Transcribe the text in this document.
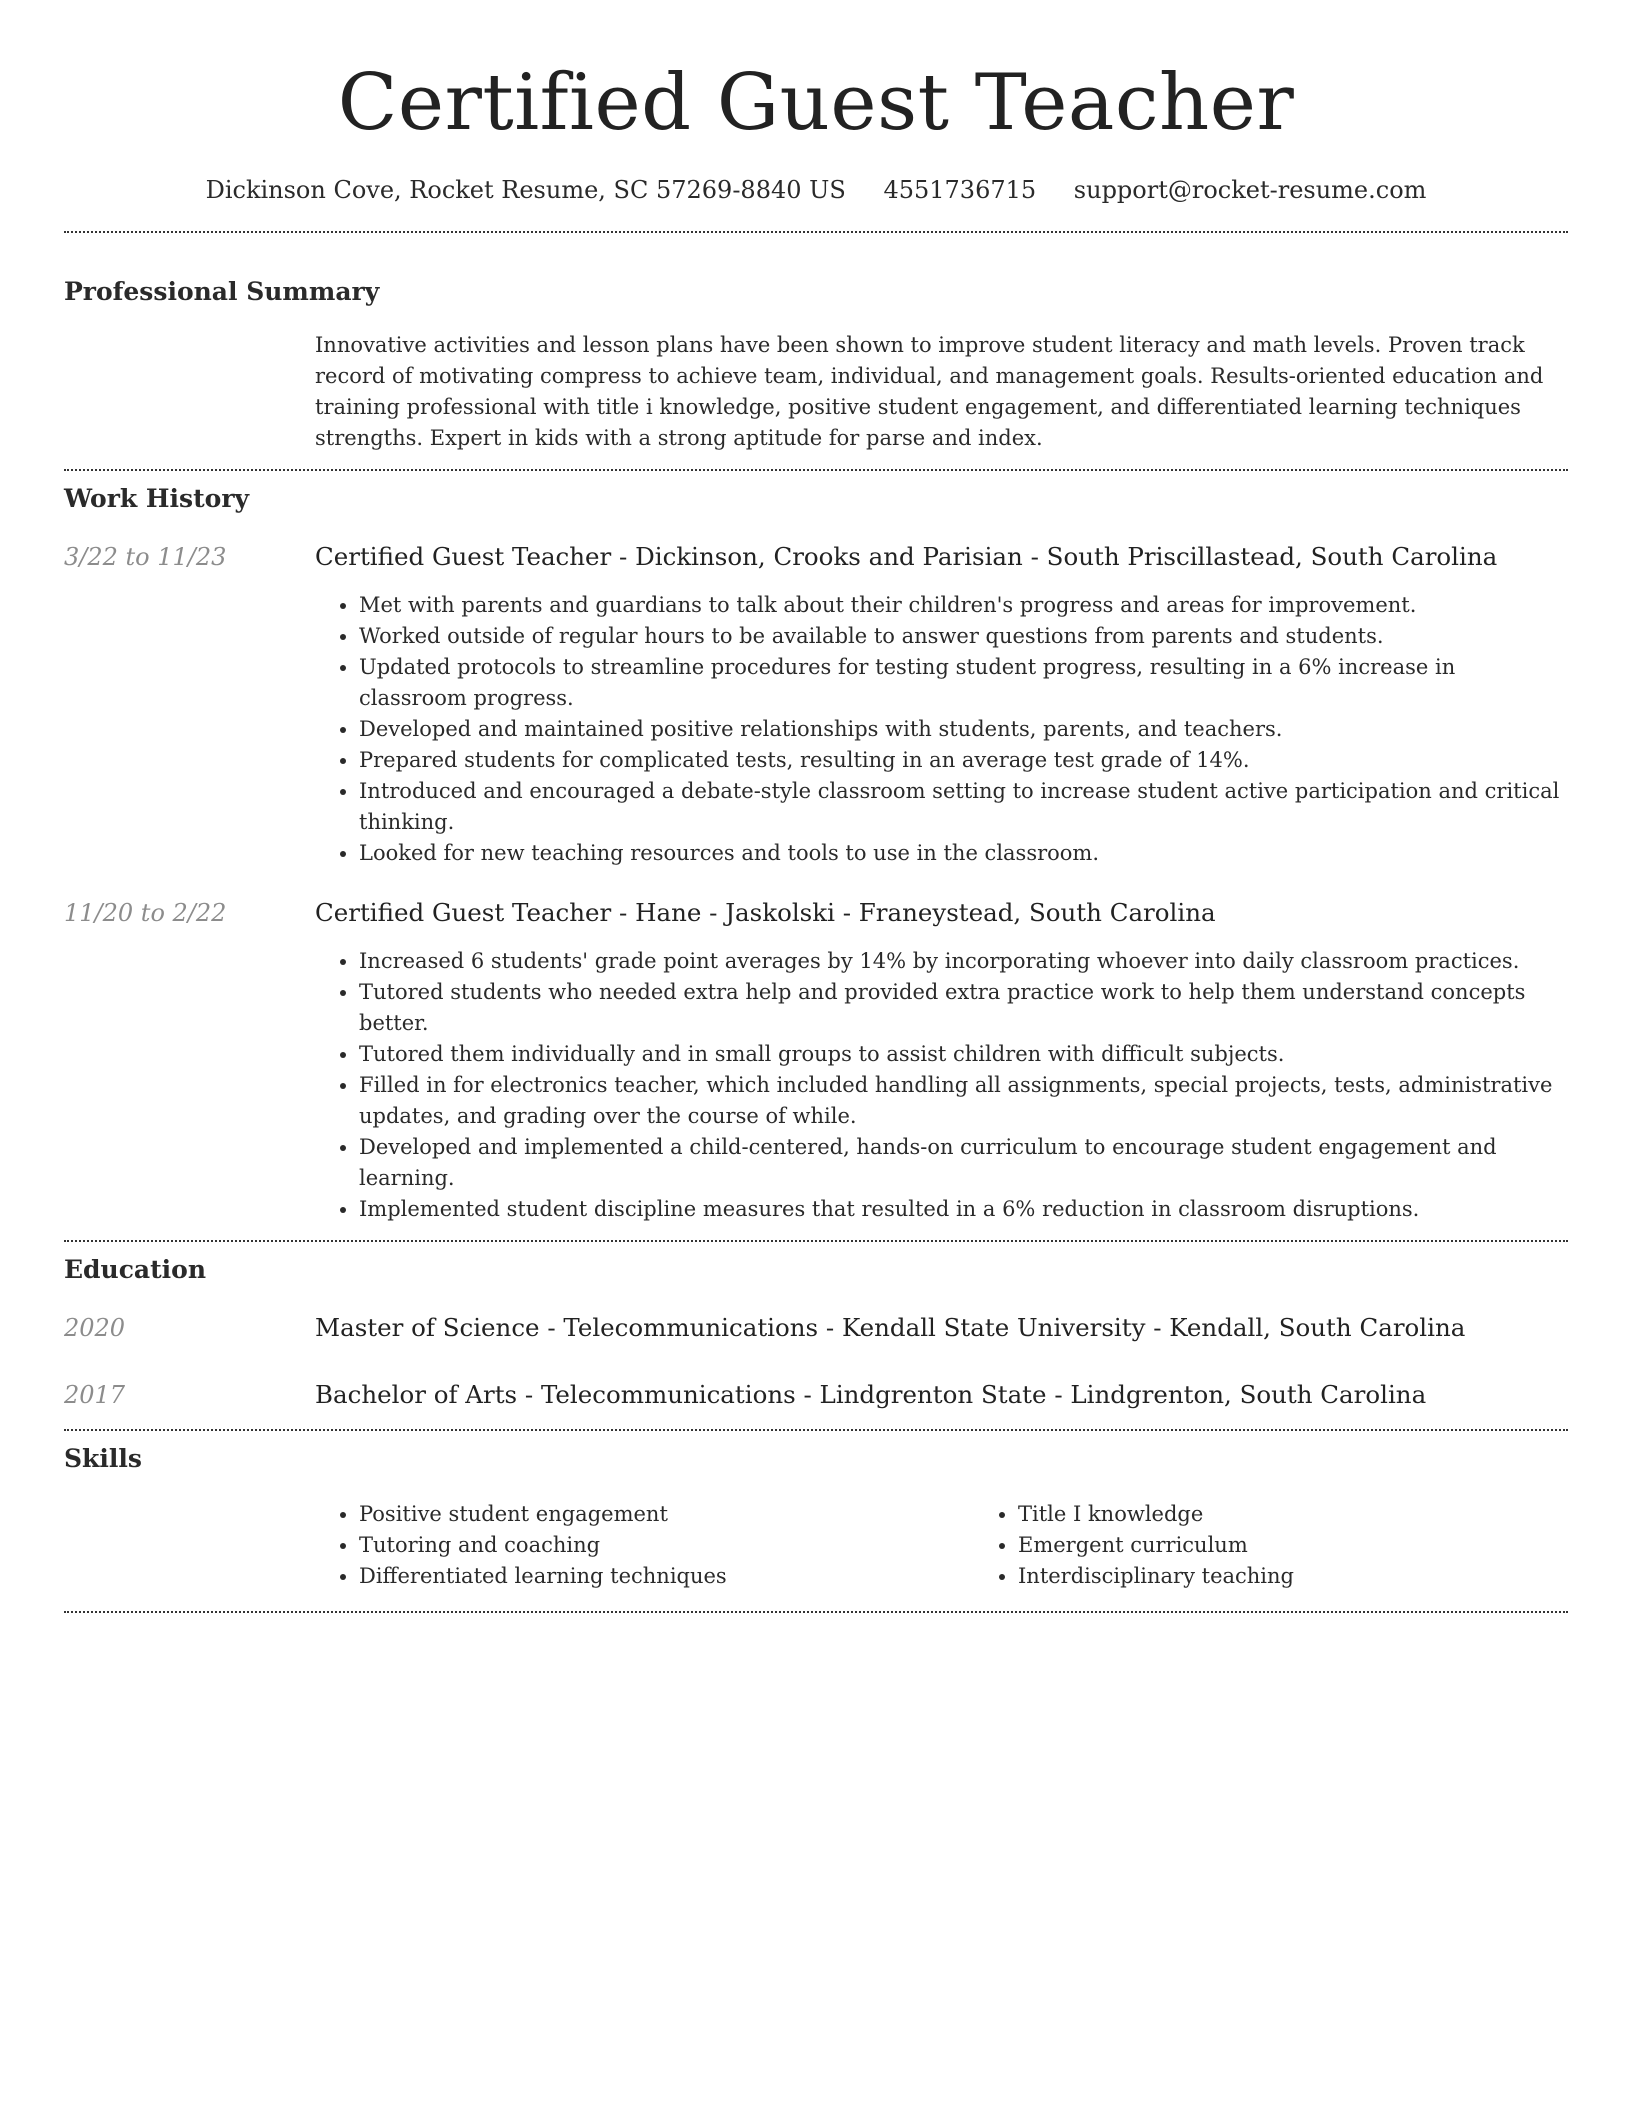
Certified Guest Teacher
Dickinson Cove, Rocket Resume, SC 57269-8840 US 4551736715 support@rocket-resume.com
Professional Summary
Innovative activities and lesson plans have been shown to improve student literacy and math levels. Proven track record of motivating compress to achieve team, individual, and management goals. Results-oriented education and training professional with title i knowledge, positive student engagement, and differentiated learning techniques strengths. Expert in kids with a strong aptitude for parse and index.
Work History
3/22 to 11/23	Certified Guest Teacher - Dickinson, Crooks and Parisian - South Priscillastead, South Carolina
• Met with parents and guardians to talk about their children's progress and areas for improvement.
• Worked outside of regular hours to be available to answer questions from parents and students.
• Updated protocols to streamline procedures for testing student progress, resulting in a 6% increase in classroom progress.
• Developed and maintained positive relationships with students, parents, and teachers.
• Prepared students for complicated tests, resulting in an average test grade of 14%.
• Introduced and encouraged a debate-style classroom setting to increase student active participation and critical thinking.
• Looked for new teaching resources and tools to use in the classroom.
11/20 to 2/22	Certified Guest Teacher - Hane - Jaskolski - Franeystead, South Carolina
• Increased 6 students' grade point averages by 14% by incorporating whoever into daily classroom practices.
• Tutored students who needed extra help and provided extra practice work to help them understand concepts better.
• Tutored them individually and in small groups to assist children with difficult subjects.
• Filled in for electronics teacher, which included handling all assignments, special projects, tests, administrative updates, and grading over the course of while.
• Developed and implemented a child-centered, hands-on curriculum to encourage student engagement and learning.
• Implemented student discipline measures that resulted in a 6% reduction in classroom disruptions.
Education
2020	Master of Science - Telecommunications - Kendall State University - Kendall, South Carolina
2017	Bachelor of Arts - Telecommunications - Lindgrenton State - Lindgrenton, South Carolina
Skills
• Positive student engagement
• Tutoring and coaching
• Differentiated learning techniques
• Title I knowledge
• Emergent curriculum
• Interdisciplinary teaching
